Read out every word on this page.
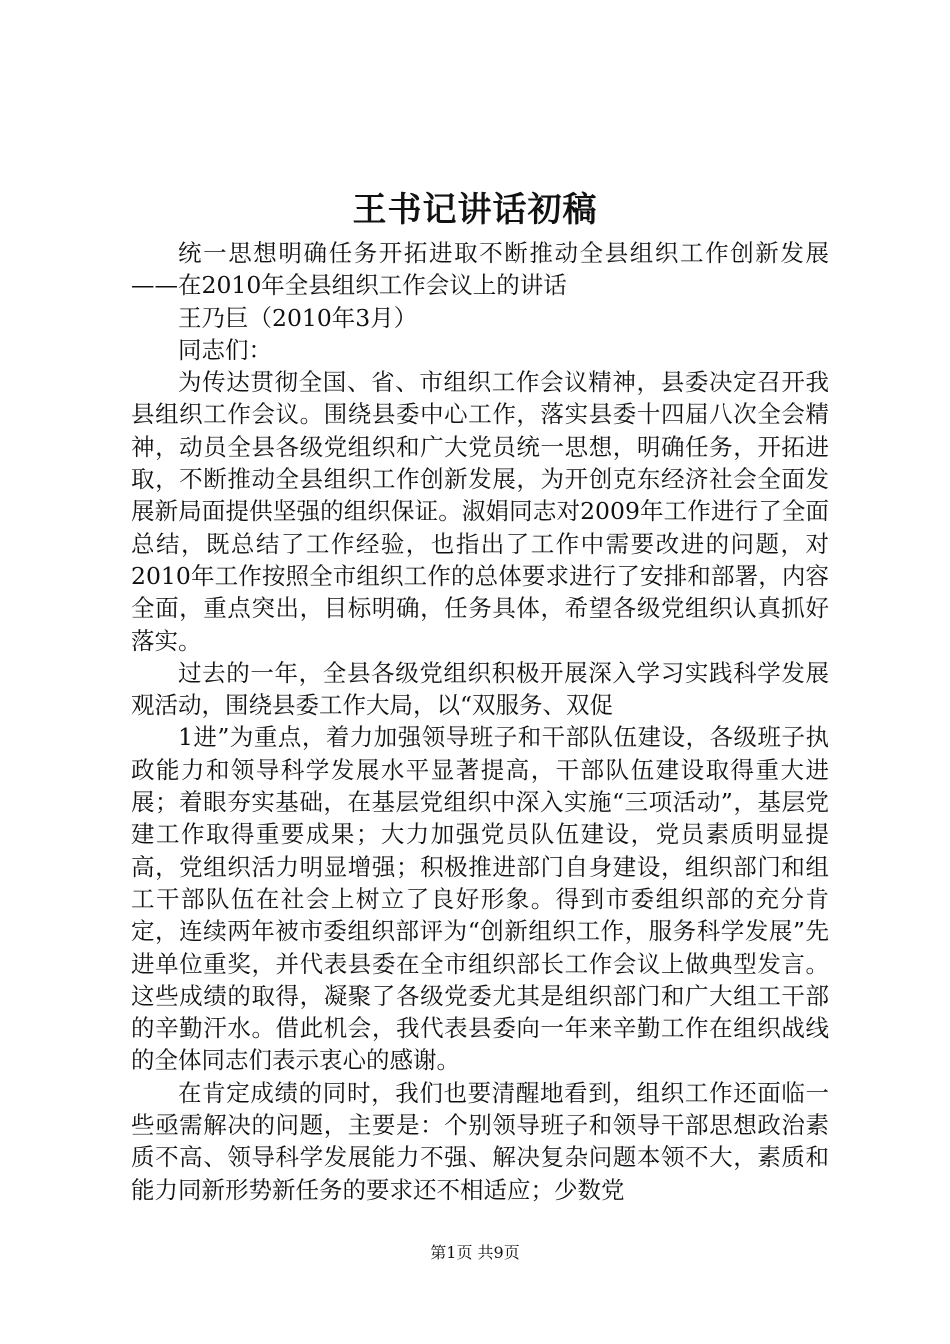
王书记讲话初稿

统一思想明确任务开拓进取不断推动全县组织工作创新发展——在2010年全县组织工作会议上的讲话

王乃巨（2010年3月）

同志们：

为传达贯彻全国、省、市组织工作会议精神，县委决定召开我县组织工作会议。围绕县委中心工作，落实县委十四届八次全会精神，动员全县各级党组织和广大党员统一思想，明确任务，开拓进取，不断推动全县组织工作创新发展，为开创克东经济社会全面发展新局面提供坚强的组织保证。淑娟同志对2009年工作进行了全面总结，既总结了工作经验，也指出了工作中需要改进的问题，对2010年工作按照全市组织工作的总体要求进行了安排和部署，内容全面，重点突出，目标明确，任务具体，希望各级党组织认真抓好落实。

过去的一年，全县各级党组织积极开展深入学习实践科学发展观活动，围绕县委工作大局，以“双服务、双促

1进”为重点，着力加强领导班子和干部队伍建设，各级班子执政能力和领导科学发展水平显著提高，干部队伍建设取得重大进展；着眼夯实基础，在基层党组织中深入实施“三项活动”，基层党建工作取得重要成果；大力加强党员队伍建设，党员素质明显提高，党组织活力明显增强；积极推进部门自身建设，组织部门和组工干部队伍在社会上树立了良好形象。得到市委组织部的充分肯定，连续两年被市委组织部评为“创新组织工作，服务科学发展”先进单位重奖，并代表县委在全市组织部长工作会议上做典型发言。这些成绩的取得，凝聚了各级党委尤其是组织部门和广大组工干部的辛勤汗水。借此机会，我代表县委向一年来辛勤工作在组织战线的全体同志们表示衷心的感谢。

在肯定成绩的同时，我们也要清醒地看到，组织工作还面临一些亟需解决的问题，主要是：个别领导班子和领导干部思想政治素质不高、领导科学发展能力不强、解决复杂问题本领不大，素质和能力同新形势新任务的要求还不相适应；少数党

第1页 共9页
